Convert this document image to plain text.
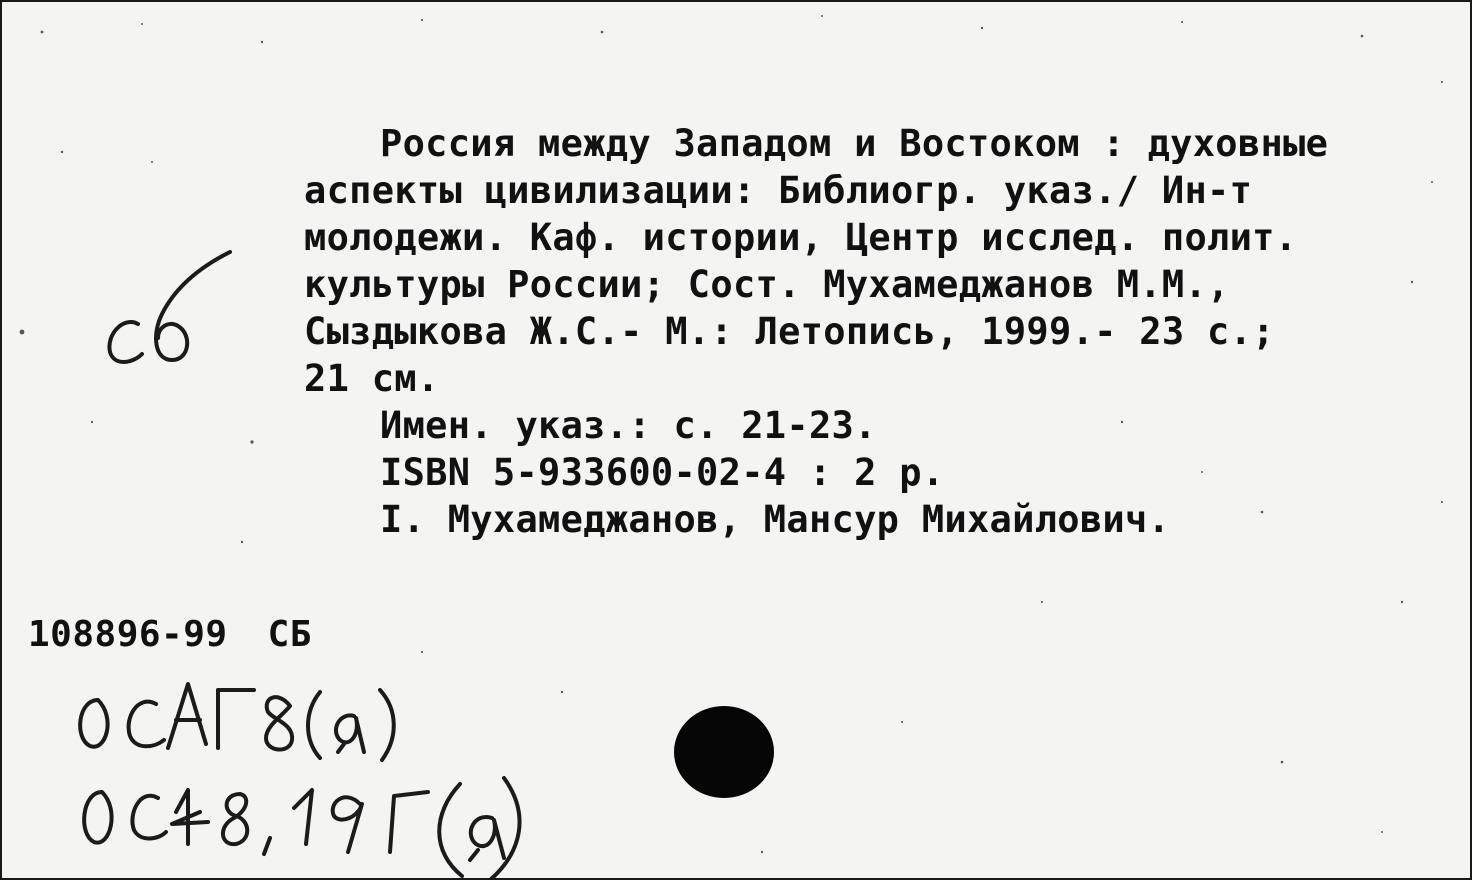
Россия между Западом и Востоком : духовные
аспекты цивилизации: Библиогр. указ./ Ин-т
молодежи. Каф. истории, Центр исслед. полит.
культуры России; Сост. Мухамеджанов М.М.,
Сыздыкова Ж.С.- М.: Летопись, 1999.- 23 с.;
21 см.
Имен. указ.: с. 21-23.
ISBN 5-933600-02-4 : 2 р.
I. Мухамеджанов, Мансур Михайлович.
108896-99 СБ
